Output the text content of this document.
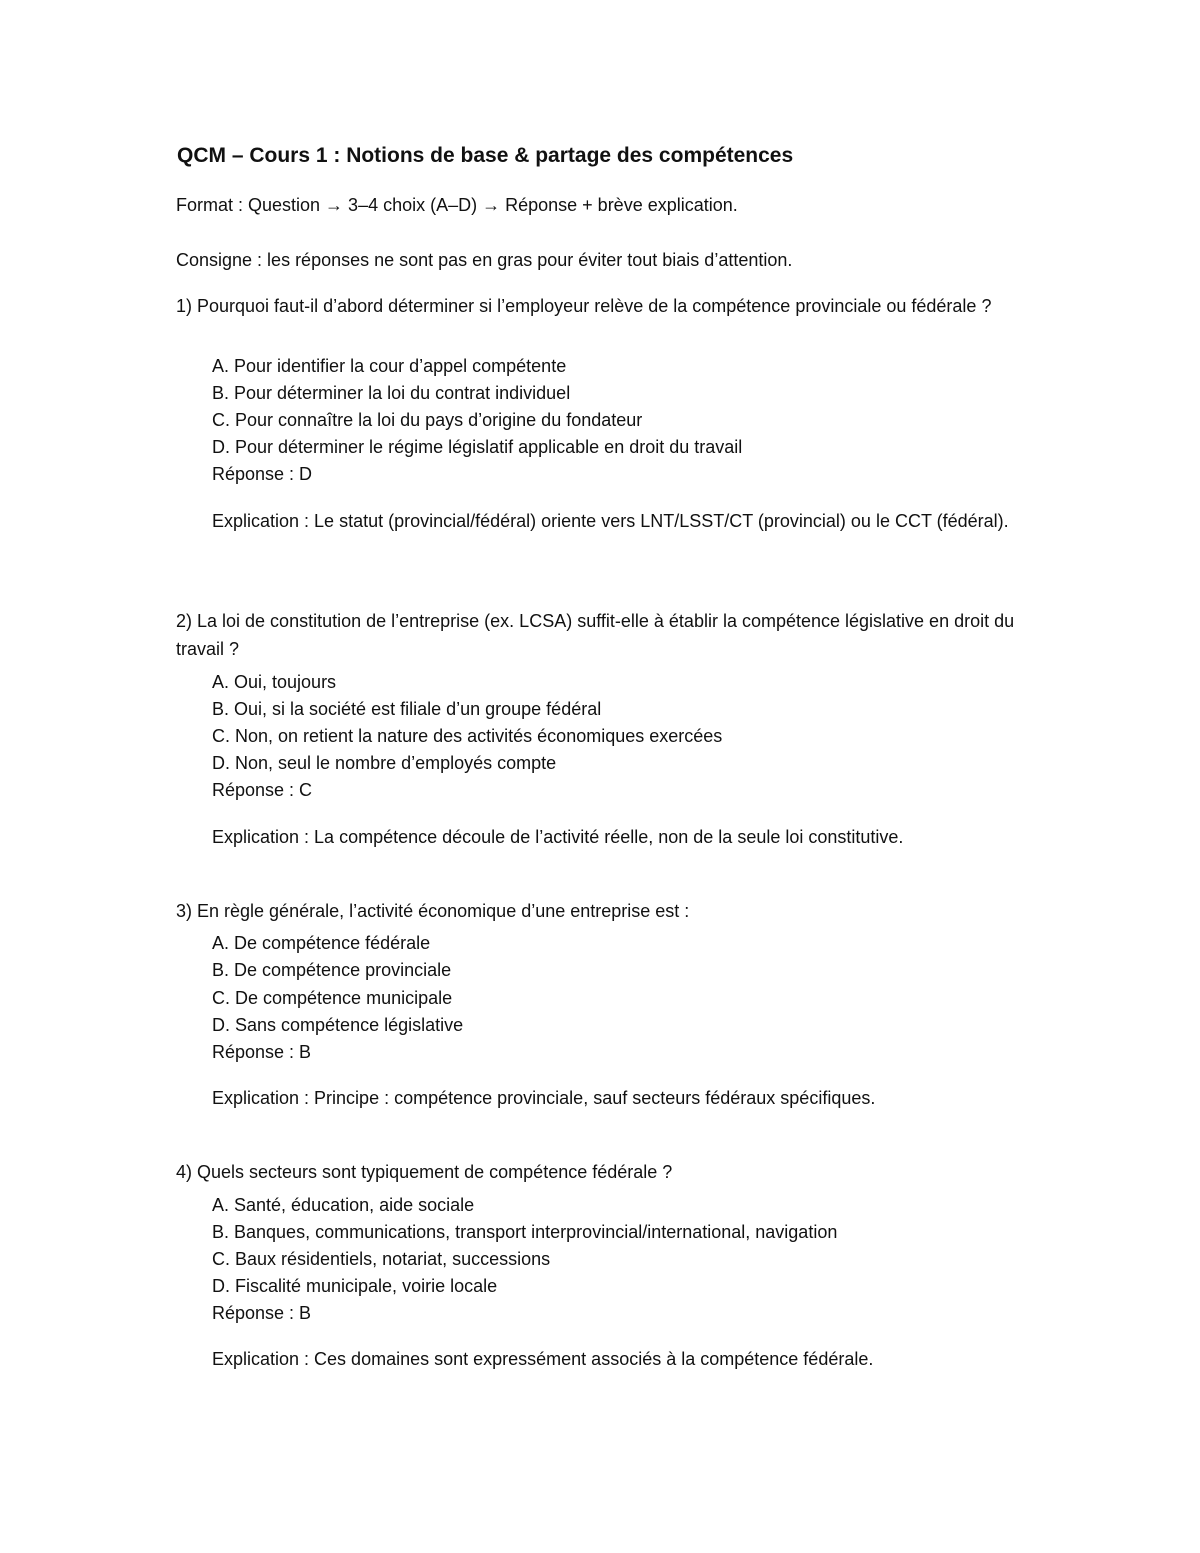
QCM – Cours 1 : Notions de base & partage des compétences

Format : Question → 3–4 choix (A–D) → Réponse + brève explication.

Consigne : les réponses ne sont pas en gras pour éviter tout biais d’attention.

1) Pourquoi faut-il d’abord déterminer si l’employeur relève de la compétence provinciale ou fédérale ?

A. Pour identifier la cour d’appel compétente

B. Pour déterminer la loi du contrat individuel

C. Pour connaître la loi du pays d’origine du fondateur

D. Pour déterminer le régime législatif applicable en droit du travail

Réponse : D

Explication : Le statut (provincial/fédéral) oriente vers LNT/LSST/CT (provincial) ou le CCT (fédéral).

2) La loi de constitution de l’entreprise (ex. LCSA) suffit-elle à établir la compétence législative en droit du travail ?

A. Oui, toujours

B. Oui, si la société est filiale d’un groupe fédéral

C. Non, on retient la nature des activités économiques exercées

D. Non, seul le nombre d’employés compte

Réponse : C

Explication : La compétence découle de l’activité réelle, non de la seule loi constitutive.

3) En règle générale, l’activité économique d’une entreprise est :

A. De compétence fédérale

B. De compétence provinciale

C. De compétence municipale

D. Sans compétence législative

Réponse : B

Explication : Principe : compétence provinciale, sauf secteurs fédéraux spécifiques.

4) Quels secteurs sont typiquement de compétence fédérale ?

A. Santé, éducation, aide sociale

B. Banques, communications, transport interprovincial/international, navigation

C. Baux résidentiels, notariat, successions

D. Fiscalité municipale, voirie locale

Réponse : B

Explication : Ces domaines sont expressément associés à la compétence fédérale.
